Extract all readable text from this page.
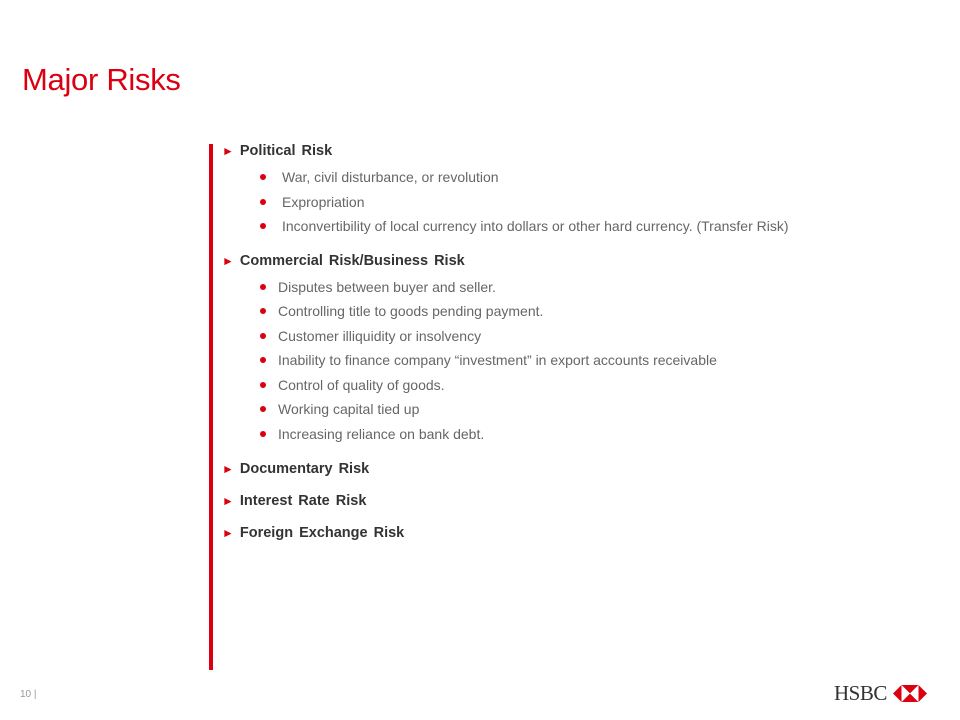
Major Risks
► Political Risk
War, civil disturbance, or revolution
Expropriation
Inconvertibility of local currency into dollars or other hard currency. (Transfer Risk)
► Commercial Risk/Business Risk
Disputes between buyer and seller.
Controlling title to goods pending payment.
Customer illiquidity or insolvency
Inability to finance company “investment” in export accounts receivable
Control of quality of goods.
Working capital tied up
Increasing reliance on bank debt.
► Documentary Risk
► Interest Rate Risk
► Foreign Exchange Risk
10 |	HSBC
